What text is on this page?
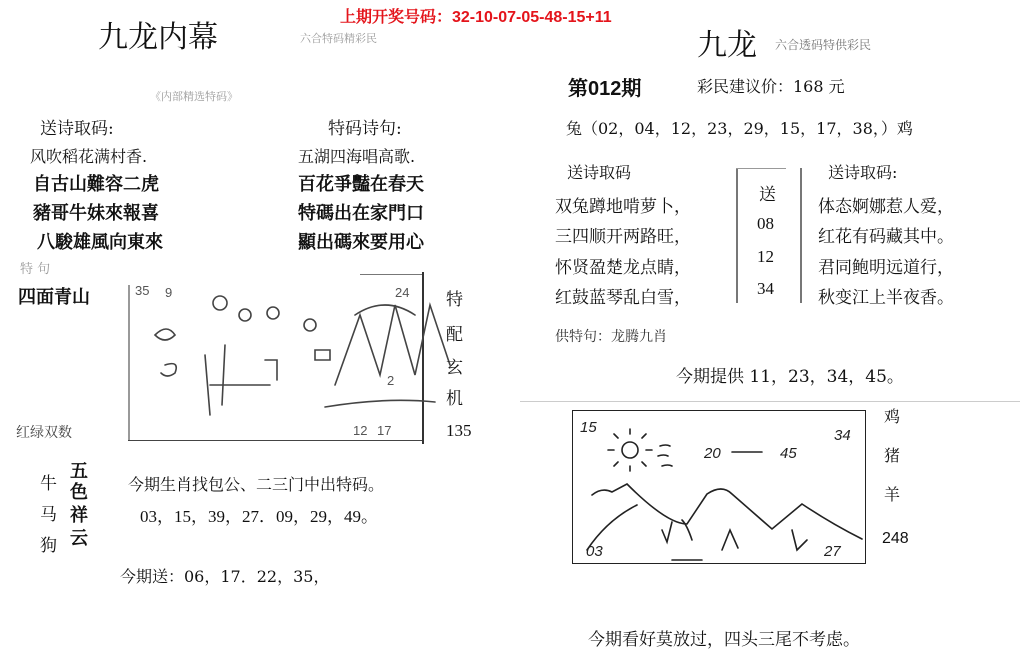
上期开奖号码：32-10-07-05-48-15+11
九龙内幕	六合特码精彩民
《内部精选特码》
送诗取码:
风吹稻花满村香.
自古山難容二虎
豬哥牛妹來報喜
八駿雄風向東來
特码诗句:
五湖四海唱高歌.
百花爭豔在春天
特碼出在家門口
顯出碼來要用心
特 句
四面青山
红绿双数
35 9	24
17
2
12
特
配
玄
机
135
牛
马
狗
五
色
祥
云
今期生肖找包公、二三门中出特码。
03，15，39，27．09，29，49。
今期送：06，17．22，35，
九龙 六合透码特供彩民
第012期	彩民建议价：168 元
兔（02，04，12，23，29，15，17，38，）鸡
送诗取码
双兔蹲地啃萝卜，
三四顺开两路旺，
怀贤盈楚龙点睛，
红鼓蓝琴乱白雪，
送
08
12
34
送诗取码:
体态婀娜惹人爱，
红花有码藏其中。
君同鲍明远道行，
秋变江上半夜香。
供特句：龙腾九肖
今期提供 11，23，34，45。
15	34
20	45
03	27
鸡
猪
羊
248
今期看好莫放过，四头三尾不考虑。
